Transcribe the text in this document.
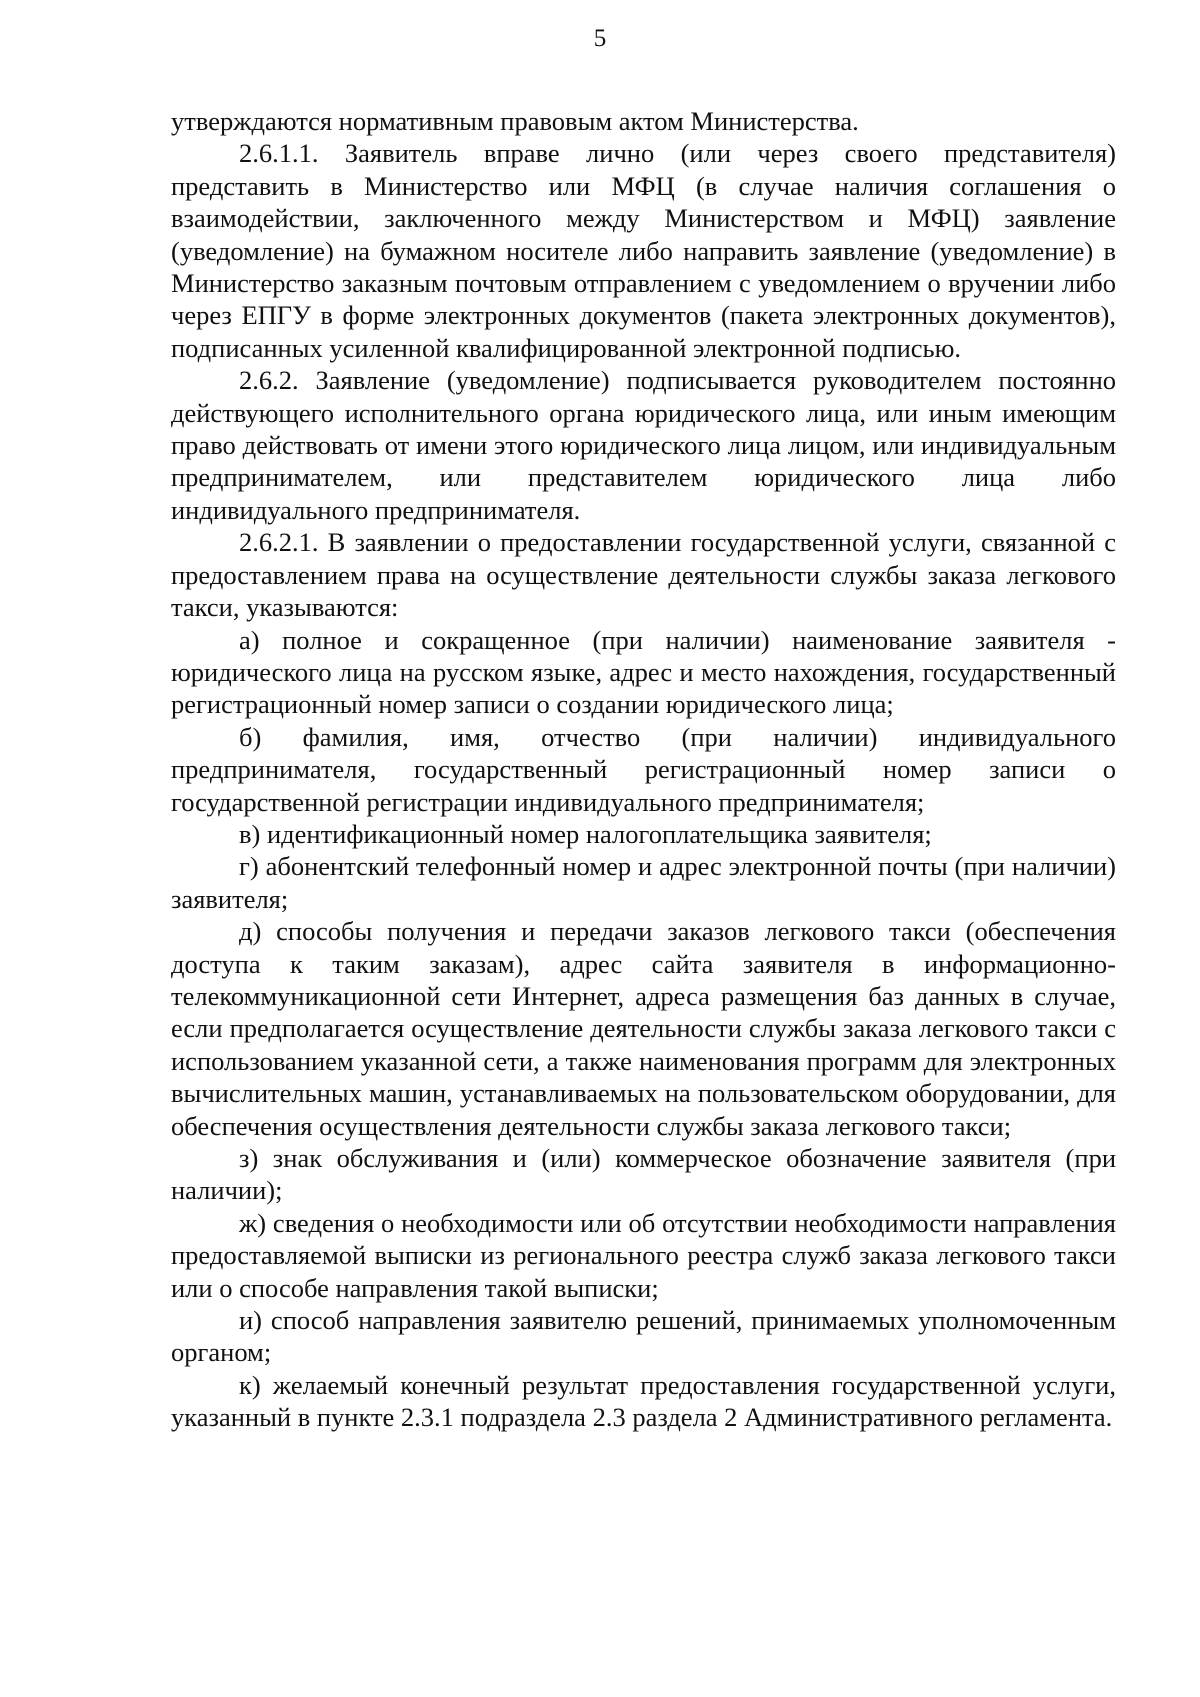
5

утверждаются нормативным правовым актом Министерства.

2.6.1.1. Заявитель вправе лично (или через своего представителя) представить в Министерство или МФЦ (в случае наличия соглашения о взаимодействии, заключенного между Министерством и МФЦ) заявление (уведомление) на бумажном носителе либо направить заявление (уведомление) в Министерство заказным почтовым отправлением с уведомлением о вручении либо через ЕПГУ в форме электронных документов (пакета электронных документов), подписанных усиленной квалифицированной электронной подписью.

2.6.2. Заявление (уведомление) подписывается руководителем постоянно действующего исполнительного органа юридического лица, или иным имеющим право действовать от имени этого юридического лица лицом, или индивидуальным предпринимателем, или представителем юридического лица либо индивидуального предпринимателя.

2.6.2.1. В заявлении о предоставлении государственной услуги, связанной с предоставлением права на осуществление деятельности службы заказа легкового такси, указываются:

а) полное и сокращенное (при наличии) наименование заявителя - юридического лица на русском языке, адрес и место нахождения, государственный регистрационный номер записи о создании юридического лица;

б) фамилия, имя, отчество (при наличии) индивидуального предпринимателя, государственный регистрационный номер записи о государственной регистрации индивидуального предпринимателя;

в) идентификационный номер налогоплательщика заявителя;

г) абонентский телефонный номер и адрес электронной почты (при наличии) заявителя;

д) способы получения и передачи заказов легкового такси (обеспечения доступа к таким заказам), адрес сайта заявителя в информационно-телекоммуникационной сети Интернет, адреса размещения баз данных в случае, если предполагается осуществление деятельности службы заказа легкового такси с использованием указанной сети, а также наименования программ для электронных вычислительных машин, устанавливаемых на пользовательском оборудовании, для обеспечения осуществления деятельности службы заказа легкового такси;

з) знак обслуживания и (или) коммерческое обозначение заявителя (при наличии);

ж) сведения о необходимости или об отсутствии необходимости направления предоставляемой выписки из регионального реестра служб заказа легкового такси или о способе направления такой выписки;

и) способ направления заявителю решений, принимаемых уполномоченным органом;

к) желаемый конечный результат предоставления государственной услуги, указанный в пункте 2.3.1 подраздела 2.3 раздела 2 Административного регламента.
